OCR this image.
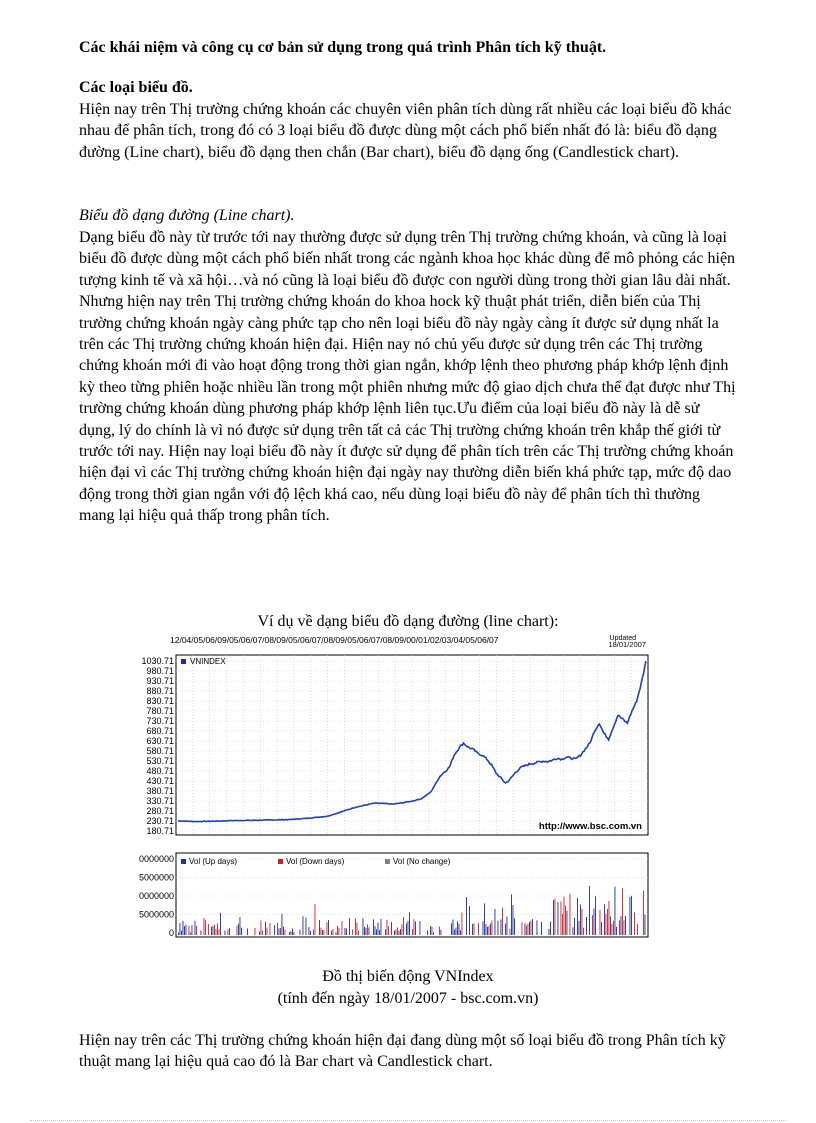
Các khái niệm và công cụ cơ bản sử dụng trong quá trình Phân tích kỹ thuật.
Các loại biểu đồ.
Hiện nay trên Thị trường chứng khoán các chuyên viên phân tích dùng rất nhiều các loại biểu đồ khác nhau để phân tích, trong đó có 3 loại biểu đồ được dùng một cách phổ biến nhất đó là: biểu đồ dạng đường (Line chart), biểu đồ dạng then chắn (Bar chart), biểu đồ dạng ống (Candlestick chart).
Biểu đồ dạng đường (Line chart).
Dạng biểu đồ này từ trước tới nay thường được sử dụng trên Thị trường chứng khoán, và cũng là loại biểu đồ được dùng một cách phổ biến nhất trong các ngành khoa học khác dùng để mô phỏng các hiện tượng kinh tế và xã hội…và nó cũng là loại biểu đồ được con người dùng trong thời gian lâu dài nhất. Nhưng hiện nay trên Thị trường chứng khoán do khoa hock kỹ thuật phát triển, diễn biến của Thị trường chứng khoán ngày càng phức tạp cho nên loại biểu đồ này ngày càng ít được sử dụng nhất la trên các Thị trường chứng khoán hiện đại. Hiện nay nó chủ yếu được sử dụng trên các Thị trường chứng khoán mới đi vào hoạt động trong thời gian ngắn, khớp lệnh theo phương pháp khớp lệnh định kỳ theo từng phiên hoặc nhiều lần trong một phiên nhưng mức độ giao dịch chưa thể đạt được như Thị trường chứng khoán dùng phương pháp khớp lệnh liên tục.Ưu điểm của loại biểu đồ này là dễ sử dụng, lý do chính là vì nó được sử dụng trên tất cả các Thị trường chứng khoán trên khắp thế giới từ trước tới nay. Hiện nay loại biểu đồ này ít được sử dụng để phân tích trên các Thị trường chứng khoán hiện đại vì các Thị trường chứng khoán hiện đại ngày nay thường diễn biến khá phức tạp, mức độ dao động trong thời gian ngắn với độ lệch khá cao, nếu dùng loại biểu đồ này để phân tích thì thường mang lại hiệu quả thấp trong phân tích.
Ví dụ về dạng biểu đồ dạng đường (line chart):
12/04/05/06/09/05/06/07/08/09/05/06/07/08/09/05/06/07/08/09/00/01/02/03/04/05/06/07	Updated
18/01/2007
1030.71
980.71
930.71
880.71
830.71
780.71
730.71
680.71
630.71
580.71
530.71
480.71
430.71
380.71
330.71
280.71
230.71
180.71
VNINDEX
http://www.bsc.com.vn
0000000
5000000
0000000
5000000
0
Vol (Up days)	Vol (Down days)	Vol (No change)
Đồ thị biến động VNIndex
(tính đến ngày 18/01/2007 - bsc.com.vn)
Hiện nay trên các Thị trường chứng khoán hiện đại đang dùng một số loại biểu đồ trong Phân tích kỹ thuật mang lại hiệu quả cao đó là Bar chart và Candlestick chart.
